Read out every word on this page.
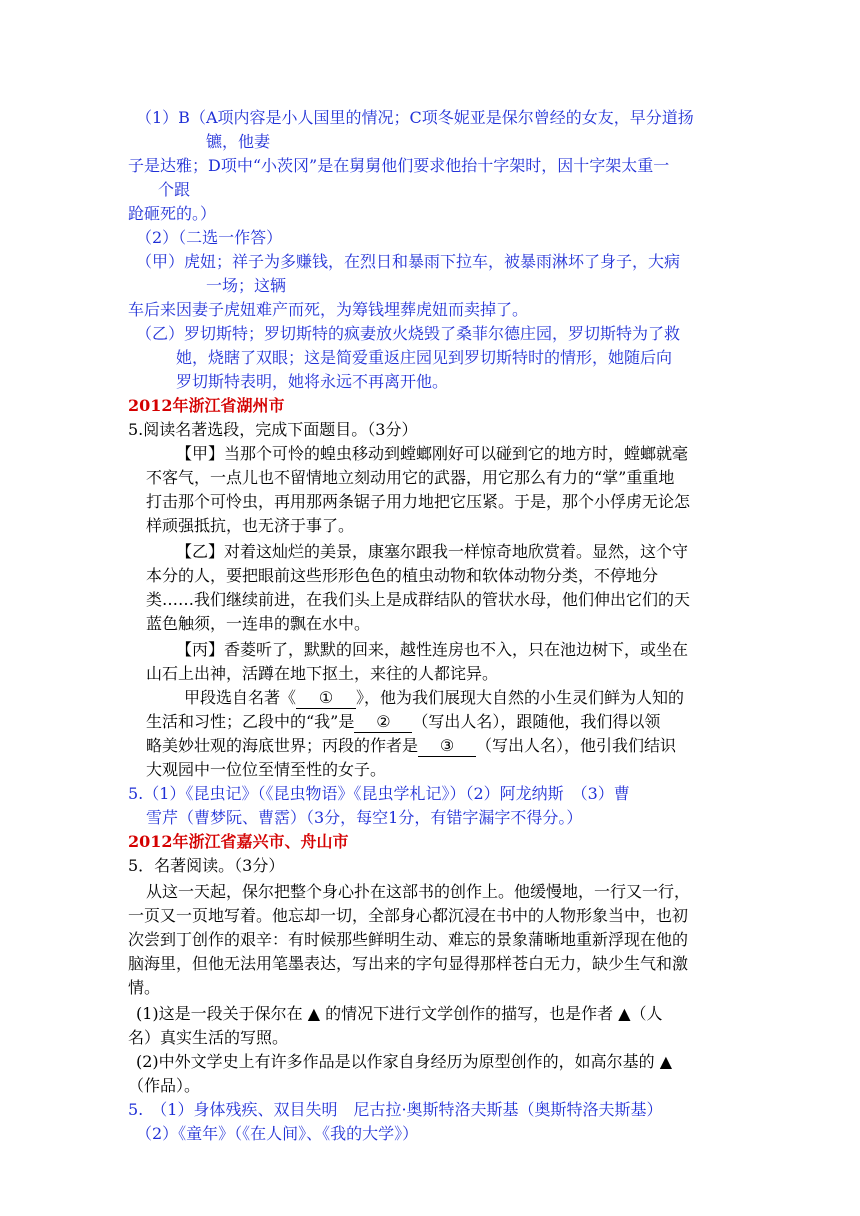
（1）B（A项内容是小人国里的情况；C项冬妮亚是保尔曾经的女友，早分道扬
镳，他妻
子是达雅；D项中“小茨冈”是在舅舅他们要求他抬十字架时，因十字架太重一
个跟
跄砸死的。）
（2）（二选一作答）
（甲）虎妞；祥子为多赚钱，在烈日和暴雨下拉车，被暴雨淋坏了身子，大病
一场；这辆
车后来因妻子虎妞难产而死，为筹钱埋葬虎妞而卖掉了。
（乙）罗切斯特；罗切斯特的疯妻放火烧毁了桑菲尔德庄园，罗切斯特为了救
她，烧瞎了双眼；这是简爱重返庄园见到罗切斯特时的情形，她随后向
罗切斯特表明，她将永远不再离开他。
2012年浙江省湖州市
5.阅读名著选段，完成下面题目。（3分）
【甲】当那个可怜的蝗虫移动到螳螂刚好可以碰到它的地方时，螳螂就毫
不客气，一点儿也不留情地立刻动用它的武器，用它那么有力的“掌”重重地
打击那个可怜虫，再用那两条锯子用力地把它压紧。于是，那个小俘虏无论怎
样顽强抵抗，也无济于事了。
【乙】对着这灿烂的美景，康塞尔跟我一样惊奇地欣赏着。显然，这个守
本分的人，要把眼前这些形形色色的植虫动物和软体动物分类，不停地分
类……我们继续前进，在我们头上是成群结队的管状水母，他们伸出它们的天
蓝色触须，一连串的飘在水中。
【丙】香菱听了，默默的回来，越性连房也不入，只在池边树下，或坐在
山石上出神，活蹲在地下抠土，来往的人都诧异。
甲段选自名著《 ① 》，他为我们展现大自然的小生灵们鲜为人知的
生活和习性；乙段中的“我”是 ② （写出人名），跟随他，我们得以领
略美妙壮观的海底世界；丙段的作者是 ③ （写出人名），他引我们结识
大观园中一位位至情至性的女子。
5.（1）《昆虫记》（《昆虫物语》《昆虫学札记》）（2）阿龙纳斯　（3）曹
雪芹（曹梦阮、曹霑）（3分，每空1分，有错字漏字不得分。）
2012年浙江省嘉兴市、舟山市
5．名著阅读。（3分）
从这一天起，保尔把整个身心扑在这部书的创作上。他缓慢地，一行又一行，
一页又一页地写着。他忘却一切，全部身心都沉浸在书中的人物形象当中，也初
次尝到丁创作的艰辛：有时候那些鲜明生动、难忘的景象蒲晰地重新浮现在他的
脑海里，但他无法用笔墨表达，写出来的字句显得那样苍白无力，缺少生气和激
情。
(1)这是一段关于保尔在 ▲ 的情况下进行文学创作的描写，也是作者 ▲（人
名）真实生活的写照。
(2)中外文学史上有许多作品是以作家自身经历为原型创作的，如高尔基的 ▲
（作品）。
5.　（1）身体残疾、双目失明　尼古拉·奥斯特洛夫斯基（奥斯特洛夫斯基）
（2）《童年》（《在人间》、《我的大学》）
